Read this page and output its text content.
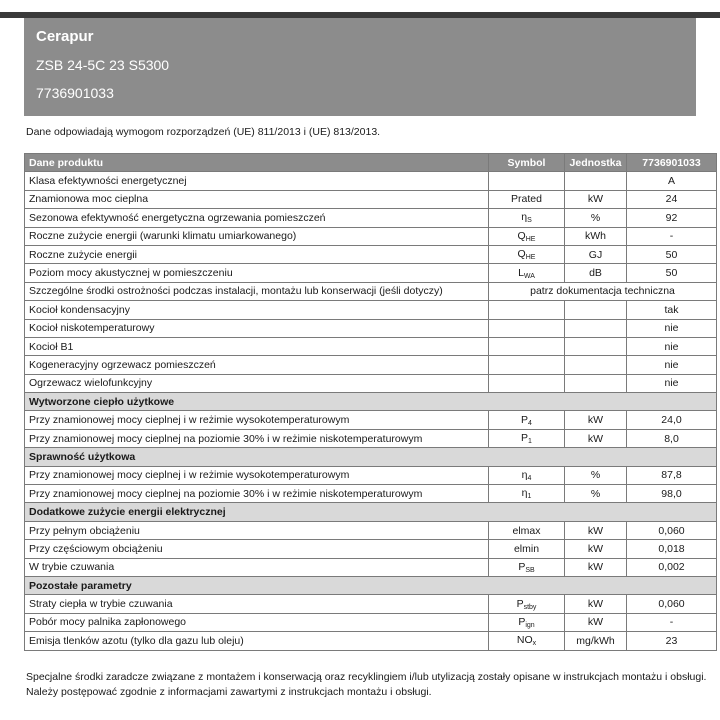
Cerapur
ZSB 24-5C 23 S5300
7736901033
Dane odpowiadają wymogom rozporządzeń (UE) 811/2013 i (UE) 813/2013.
Dane produktu	Symbol	Jednostka	7736901033
Klasa efektywności energetycznej			A
Znamionowa moc cieplna	Prated	kW	24
Sezonowa efektywność energetyczna ogrzewania pomieszczeń	$\eta_S$	%	92
Roczne zużycie energii (warunki klimatu umiarkowanego)	$Q_{HE}$	kWh	-
Roczne zużycie energii	$Q_{HE}$	GJ	50
Poziom mocy akustycznej w pomieszczeniu	$L_{WA}$	dB	50
Szczególne środki ostrożności podczas instalacji, montażu lub konserwacji (jeśli dotyczy)	patrz dokumentacja techniczna		
Kocioł kondensacyjny			tak
Kocioł niskotemperaturowy			nie
Kocioł B1			nie
Kogeneracyjny ogrzewacz pomieszczeń			nie
Ogrzewacz wielofunkcyjny			nie
Wytworzone ciepło użytkowe			
Przy znamionowej mocy cieplnej i w reżimie wysokotemperaturowym	$P_4$	kW	24,0
Przy znamionowej mocy cieplnej na poziomie 30% i w reżimie niskotemperaturowym	$P_1$	kW	8,0
Sprawność użytkowa			
Przy znamionowej mocy cieplnej i w reżimie wysokotemperaturowym	$\eta_4$	%	87,8
Przy znamionowej mocy cieplnej na poziomie 30% i w reżimie niskotemperaturowym	$\eta_1$	%	98,0
Dodatkowe zużycie energii elektrycznej			
Przy pełnym obciążeniu	elmax	kW	0,060
Przy częściowym obciążeniu	elmin	kW	0,018
W trybie czuwania	$P_{SB}$	kW	0,002
Pozostałe parametry			
Straty ciepła w trybie czuwania	$P_{stby}$	kW	0,060
Pobór mocy palnika zapłonowego	$P_{ign}$	kW	-
Emisja tlenków azotu (tylko dla gazu lub oleju)	$NO_x$	mg/kWh	23
Specjalne środki zaradcze związane z montażem i konserwacją oraz recyklingiem i/lub utylizacją zostały opisane w instrukcjach montażu i obsługi.
Należy postępować zgodnie z informacjami zawartymi z instrukcjach montażu i obsługi.
